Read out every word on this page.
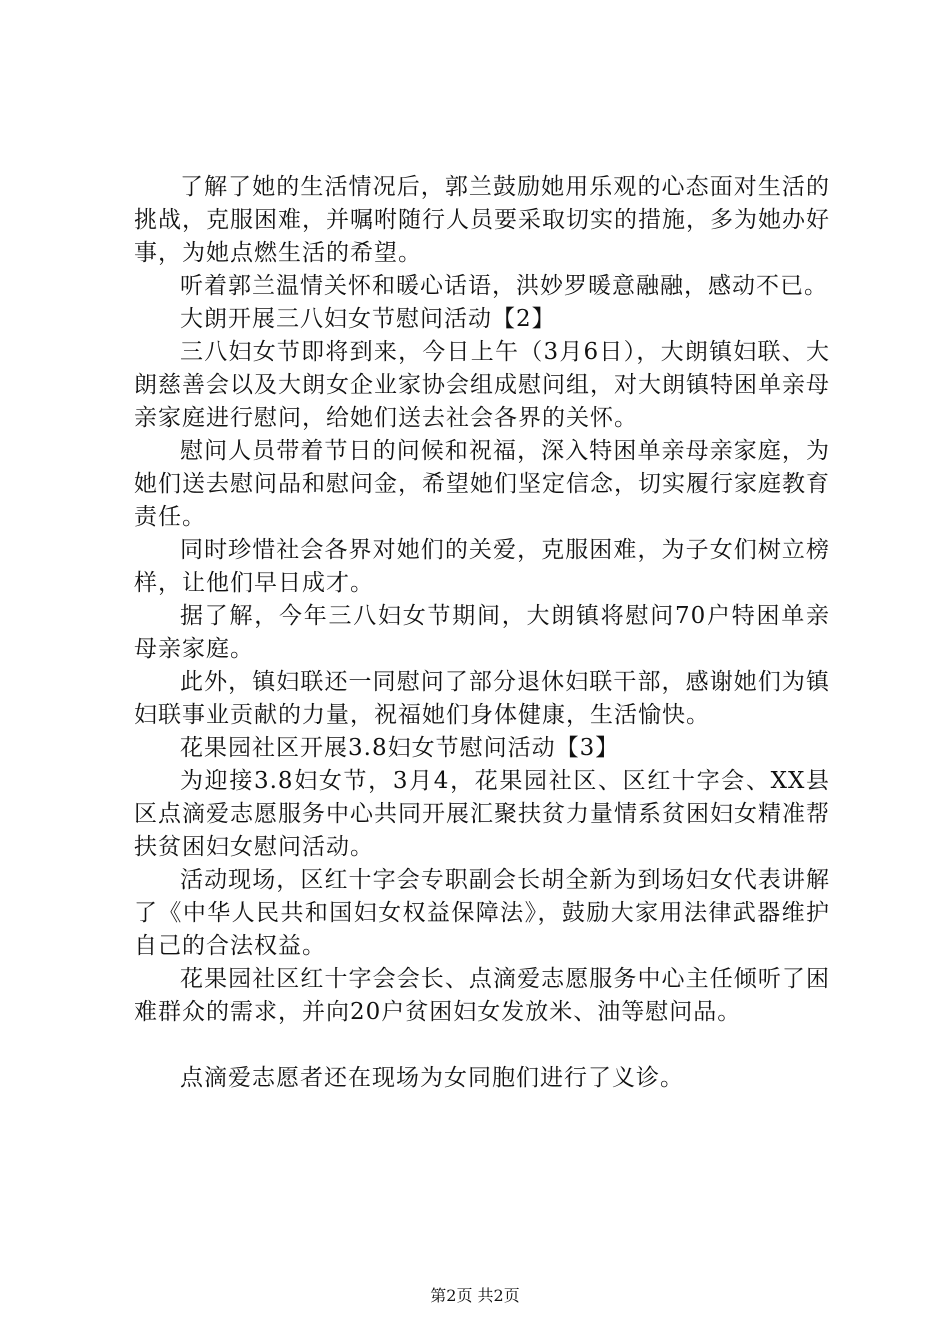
了解了她的生活情况后，郭兰鼓励她用乐观的心态面对生活的挑战，克服困难，并嘱咐随行人员要采取切实的措施，多为她办好事，为她点燃生活的希望。

听着郭兰温情关怀和暖心话语，洪妙罗暖意融融，感动不已。

大朗开展三八妇女节慰问活动【2】

三八妇女节即将到来，今日上午（3月6日），大朗镇妇联、大朗慈善会以及大朗女企业家协会组成慰问组，对大朗镇特困单亲母亲家庭进行慰问，给她们送去社会各界的关怀。

慰问人员带着节日的问候和祝福，深入特困单亲母亲家庭，为她们送去慰问品和慰问金，希望她们坚定信念，切实履行家庭教育责任。

同时珍惜社会各界对她们的关爱，克服困难，为子女们树立榜样，让他们早日成才。

据了解，今年三八妇女节期间，大朗镇将慰问70户特困单亲母亲家庭。

此外，镇妇联还一同慰问了部分退休妇联干部，感谢她们为镇妇联事业贡献的力量，祝福她们身体健康，生活愉快。

花果园社区开展3.8妇女节慰问活动【3】

为迎接3.8妇女节，3月4，花果园社区、区红十字会、XX县区点滴爱志愿服务中心共同开展汇聚扶贫力量情系贫困妇女精准帮扶贫困妇女慰问活动。

活动现场，区红十字会专职副会长胡全新为到场妇女代表讲解了《中华人民共和国妇女权益保障法》，鼓励大家用法律武器维护自己的合法权益。

花果园社区红十字会会长、点滴爱志愿服务中心主任倾听了困难群众的需求，并向20户贫困妇女发放米、油等慰问品。

点滴爱志愿者还在现场为女同胞们进行了义诊。

第2页 共2页
